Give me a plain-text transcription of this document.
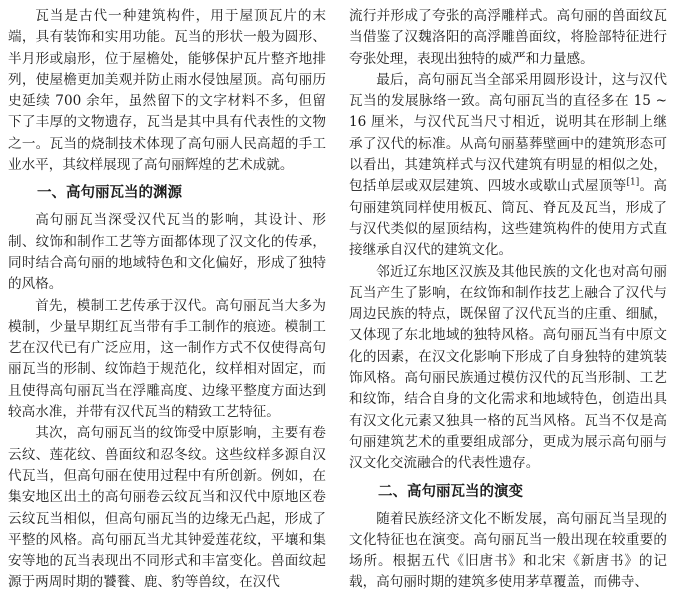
瓦当是古代一种建筑构件，用于屋顶瓦片的末端，具有装饰和实用功能。瓦当的形状一般为圆形、半月形或扇形，位于屋檐处，能够保护瓦片整齐地排列，使屋檐更加美观并防止雨水侵蚀屋顶。高句丽历史延续 700 余年，虽然留下的文字材料不多，但留下了丰厚的文物遗存，瓦当是其中具有代表性的文物之一。瓦当的烧制技术体现了高句丽人民高超的手工业水平，其纹样展现了高句丽辉煌的艺术成就。

一、高句丽瓦当的渊源

高句丽瓦当深受汉代瓦当的影响，其设计、形制、纹饰和制作工艺等方面都体现了汉文化的传承，同时结合高句丽的地域特色和文化偏好，形成了独特的风格。

首先，模制工艺传承于汉代。高句丽瓦当大多为模制，少量早期红瓦当带有手工制作的痕迹。模制工艺在汉代已有广泛应用，这一制作方式不仅使得高句丽瓦当的形制、纹饰趋于规范化，纹样相对固定，而且使得高句丽瓦当在浮雕高度、边缘平整度方面达到较高水准，并带有汉代瓦当的精致工艺特征。

其次，高句丽瓦当的纹饰受中原影响，主要有卷云纹、莲花纹、兽面纹和忍冬纹。这些纹样多源自汉代瓦当，但高句丽在使用过程中有所创新。例如，在集安地区出土的高句丽卷云纹瓦当和汉代中原地区卷云纹瓦当相似，但高句丽瓦当的边缘无凸起，形成了平整的风格。高句丽瓦当尤其钟爱莲花纹，平壤和集安等地的瓦当表现出不同形式和丰富变化。兽面纹起源于两周时期的饕餮、鹿、豹等兽纹，在汉代

流行并形成了夸张的高浮雕样式。高句丽的兽面纹瓦当借鉴了汉魏洛阳的高浮雕兽面纹，将脸部特征进行夸张处理，表现出独特的威严和力量感。

最后，高句丽瓦当全部采用圆形设计，这与汉代瓦当的发展脉络一致。高句丽瓦当的直径多在 15 ~ 16 厘米，与汉代瓦当尺寸相近，说明其在形制上继承了汉代的标准。从高句丽墓葬壁画中的建筑形态可以看出，其建筑样式与汉代建筑有明显的相似之处，包括单层或双层建筑、四坡水或歇山式屋顶等[1]。高句丽建筑同样使用板瓦、筒瓦、脊瓦及瓦当，形成了与汉代类似的屋顶结构，这些建筑构件的使用方式直接继承自汉代的建筑文化。

邻近辽东地区汉族及其他民族的文化也对高句丽瓦当产生了影响，在纹饰和制作技艺上融合了汉代与周边民族的特点，既保留了汉代瓦当的庄重、细腻，又体现了东北地域的独特风格。高句丽瓦当有中原文化的因素，在汉文化影响下形成了自身独特的建筑装饰风格。高句丽民族通过模仿汉代的瓦当形制、工艺和纹饰，结合自身的文化需求和地域特色，创造出具有汉文化元素又独具一格的瓦当风格。瓦当不仅是高句丽建筑艺术的重要组成部分，更成为展示高句丽与汉文化交流融合的代表性遗存。

二、高句丽瓦当的演变

随着民族经济文化不断发展，高句丽瓦当呈现的文化特征也在演变。高句丽瓦当一般出现在较重要的场所。根据五代《旧唐书》和北宋《新唐书》的记载，高句丽时期的建筑多使用茅草覆盖，而佛寺、
